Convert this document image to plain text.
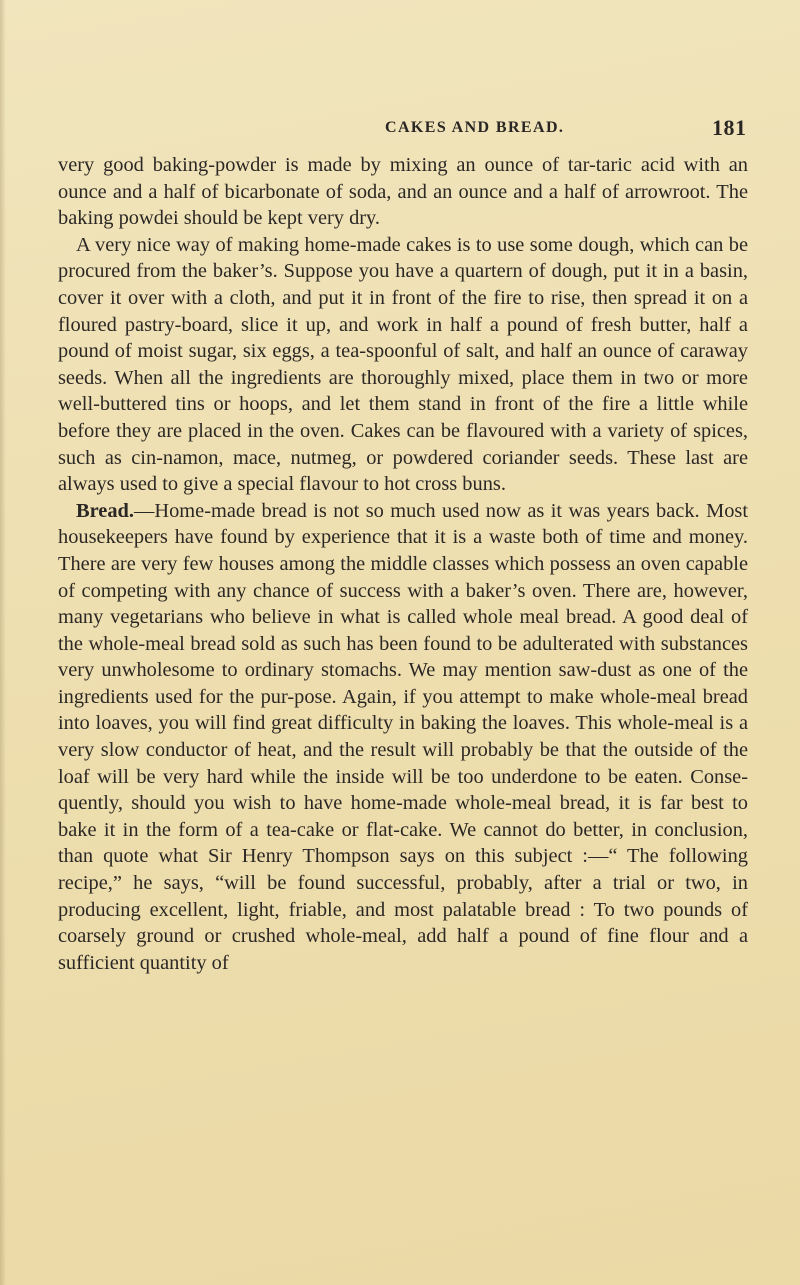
CAKES AND BREAD.	181

very good baking-powder is made by mixing an ounce of tar-taric acid with an ounce and a half of bicarbonate of soda, and an ounce and a half of arrowroot. The baking powdei should be kept very dry.

A very nice way of making home-made cakes is to use some dough, which can be procured from the baker’s. Suppose you have a quartern of dough, put it in a basin, cover it over with a cloth, and put it in front of the fire to rise, then spread it on a floured pastry-board, slice it up, and work in half a pound of fresh butter, half a pound of moist sugar, six eggs, a tea-spoonful of salt, and half an ounce of caraway seeds. When all the ingredients are thoroughly mixed, place them in two or more well-buttered tins or hoops, and let them stand in front of the fire a little while before they are placed in the oven. Cakes can be flavoured with a variety of spices, such as cin-namon, mace, nutmeg, or powdered coriander seeds. These last are always used to give a special flavour to hot cross buns.

Bread.—Home-made bread is not so much used now as it was years back. Most housekeepers have found by experience that it is a waste both of time and money. There are very few houses among the middle classes which possess an oven capable of competing with any chance of success with a baker’s oven. There are, however, many vegetarians who believe in what is called whole meal bread. A good deal of the whole-meal bread sold as such has been found to be adulterated with substances very unwholesome to ordinary stomachs. We may mention saw-dust as one of the ingredients used for the pur-pose. Again, if you attempt to make whole-meal bread into loaves, you will find great difficulty in baking the loaves. This whole-meal is a very slow conductor of heat, and the result will probably be that the outside of the loaf will be very hard while the inside will be too underdone to be eaten. Conse-quently, should you wish to have home-made whole-meal bread, it is far best to bake it in the form of a tea-cake or flat-cake. We cannot do better, in conclusion, than quote what Sir Henry Thompson says on this subject :—“ The following recipe,” he says, “will be found successful, probably, after a trial or two, in producing excellent, light, friable, and most palatable bread : To two pounds of coarsely ground or crushed whole-meal, add half a pound of fine flour and a sufficient quantity of
